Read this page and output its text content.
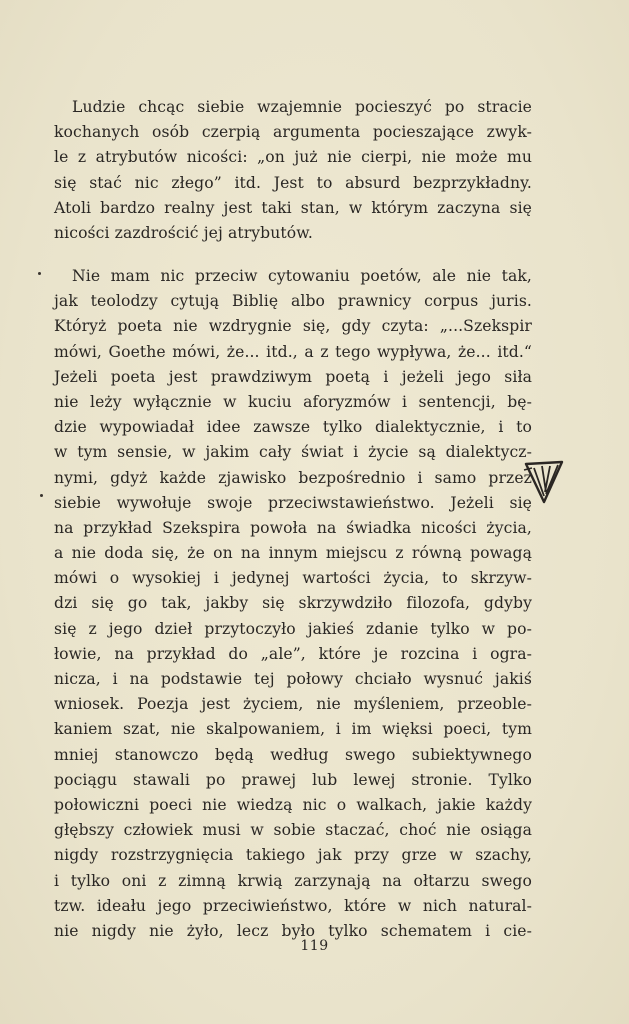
Ludzie chcąc siebie wzajemnie pocieszyć po stracie
kochanych osób czerpią argumenta pocieszające zwyk-
le z atrybutów nicości: „on już nie cierpi, nie może mu
się stać nic złego” itd. Jest to absurd bezprzykładny.
Atoli bardzo realny jest taki stan, w którym zaczyna się
nicości zazdrościć jej atrybutów.
Nie mam nic przeciw cytowaniu poetów, ale nie tak,
jak teolodzy cytują Biblię albo prawnicy corpus juris.
Któryż poeta nie wzdrygnie się, gdy czyta: „...Szekspir
mówi, Goethe mówi, że... itd., a z tego wypływa, że... itd.“
Jeżeli poeta jest prawdziwym poetą i jeżeli jego siła
nie leży wyłącznie w kuciu aforyzmów i sentencji, bę-
dzie wypowiadał idee zawsze tylko dialektycznie, i to
w tym sensie, w jakim cały świat i życie są dialektycz-
nymi, gdyż każde zjawisko bezpośrednio i samo przez
siebie wywołuje swoje przeciwstawieństwo. Jeżeli się
na przykład Szekspira powoła na świadka nicości życia,
a nie doda się, że on na innym miejscu z równą powagą
mówi o wysokiej i jedynej wartości życia, to skrzyw-
dzi się go tak, jakby się skrzywdziło filozofa, gdyby
się z jego dzieł przytoczyło jakieś zdanie tylko w po-
łowie, na przykład do „ale”, które je rozcina i ogra-
nicza, i na podstawie tej połowy chciało wysnuć jakiś
wniosek. Poezja jest życiem, nie myśleniem, przeoble-
kaniem szat, nie skalpowaniem, i im więksi poeci, tym
mniej stanowczo będą według swego subiektywnego
pociągu stawali po prawej lub lewej stronie. Tylko
połowiczni poeci nie wiedzą nic o walkach, jakie każdy
głębszy człowiek musi w sobie staczać, choć nie osiąga
nigdy rozstrzygnięcia takiego jak przy grze w szachy,
i tylko oni z zimną krwią zarzynają na ołtarzu swego
tzw. ideału jego przeciwieństwo, które w nich natural-
nie nigdy nie żyło, lecz było tylko schematem i cie-
119
